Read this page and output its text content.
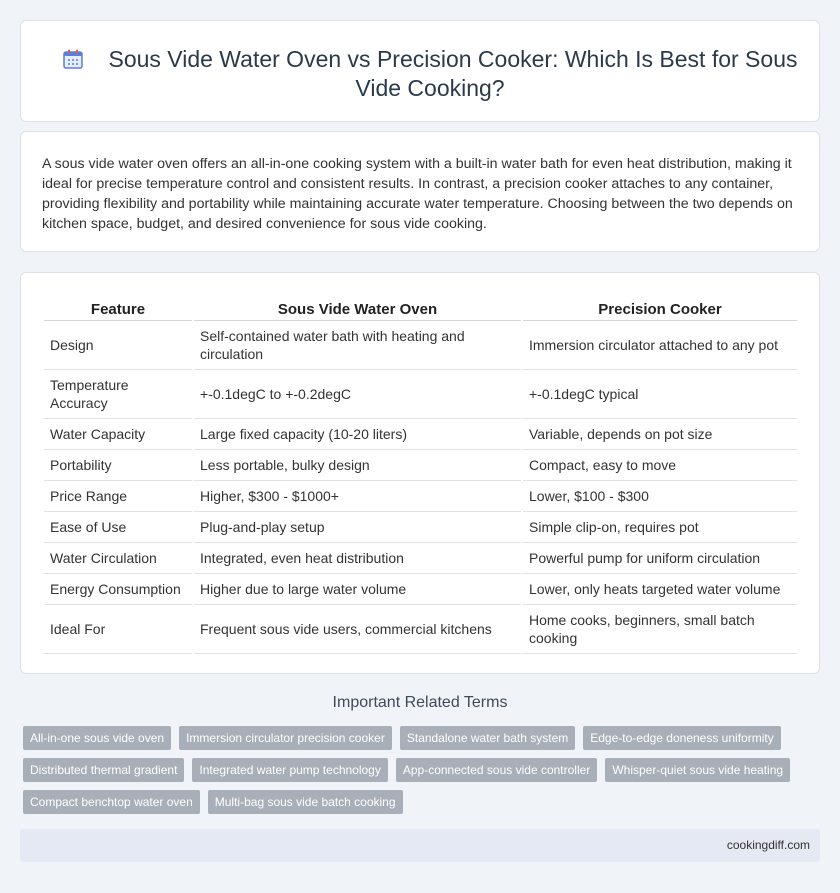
Sous Vide Water Oven vs Precision Cooker: Which Is Best for Sous Vide Cooking?

A sous vide water oven offers an all-in-one cooking system with a built-in water bath for even heat distribution, making it ideal for precise temperature control and consistent results. In contrast, a precision cooker attaches to any container, providing flexibility and portability while maintaining accurate water temperature. Choosing between the two depends on kitchen space, budget, and desired convenience for sous vide cooking.

Feature	Sous Vide Water Oven	Precision Cooker
Design	Self-contained water bath with heating and circulation	Immersion circulator attached to any pot
Temperature Accuracy	+-0.1degC to +-0.2degC	+-0.1degC typical
Water Capacity	Large fixed capacity (10-20 liters)	Variable, depends on pot size
Portability	Less portable, bulky design	Compact, easy to move
Price Range	Higher, $300 - $1000+	Lower, $100 - $300
Ease of Use	Plug-and-play setup	Simple clip-on, requires pot
Water Circulation	Integrated, even heat distribution	Powerful pump for uniform circulation
Energy Consumption	Higher due to large water volume	Lower, only heats targeted water volume
Ideal For	Frequent sous vide users, commercial kitchens	Home cooks, beginners, small batch cooking
Important Related Terms
All-in-one sous vide oven	Immersion circulator precision cooker	Standalone water bath system	Edge-to-edge doneness uniformity
Distributed thermal gradient	Integrated water pump technology	App-connected sous vide controller	Whisper-quiet sous vide heating
Compact benchtop water oven	Multi-bag sous vide batch cooking
cookingdiff.com
